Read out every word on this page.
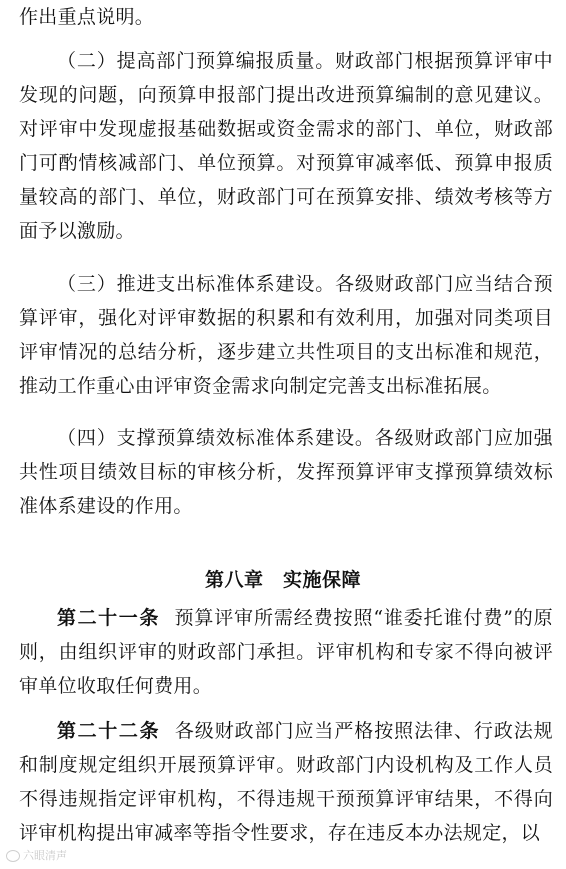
作出重点说明。

（二）提高部门预算编报质量。财政部门根据预算评审中发现的问题，向预算申报部门提出改进预算编制的意见建议。对评审中发现虚报基础数据或资金需求的部门、单位，财政部门可酌情核减部门、单位预算。对预算审减率低、预算申报质量较高的部门、单位，财政部门可在预算安排、绩效考核等方面予以激励。

（三）推进支出标准体系建设。各级财政部门应当结合预算评审，强化对评审数据的积累和有效利用，加强对同类项目评审情况的总结分析，逐步建立共性项目的支出标准和规范，推动工作重心由评审资金需求向制定完善支出标准拓展。

（四）支撑预算绩效标准体系建设。各级财政部门应加强共性项目绩效目标的审核分析，发挥预算评审支撑预算绩效标准体系建设的作用。

第八章　实施保障

第二十一条 预算评审所需经费按照“谁委托谁付费”的原则，由组织评审的财政部门承担。评审机构和专家不得向被评审单位收取任何费用。

第二十二条 各级财政部门应当严格按照法律、行政法规和制度规定组织开展预算评审。财政部门内设机构及工作人员不得违规指定评审机构，不得违规干预预算评审结果，不得向评审机构提出审减率等指令性要求，存在违反本办法规定，以

六眼清声
